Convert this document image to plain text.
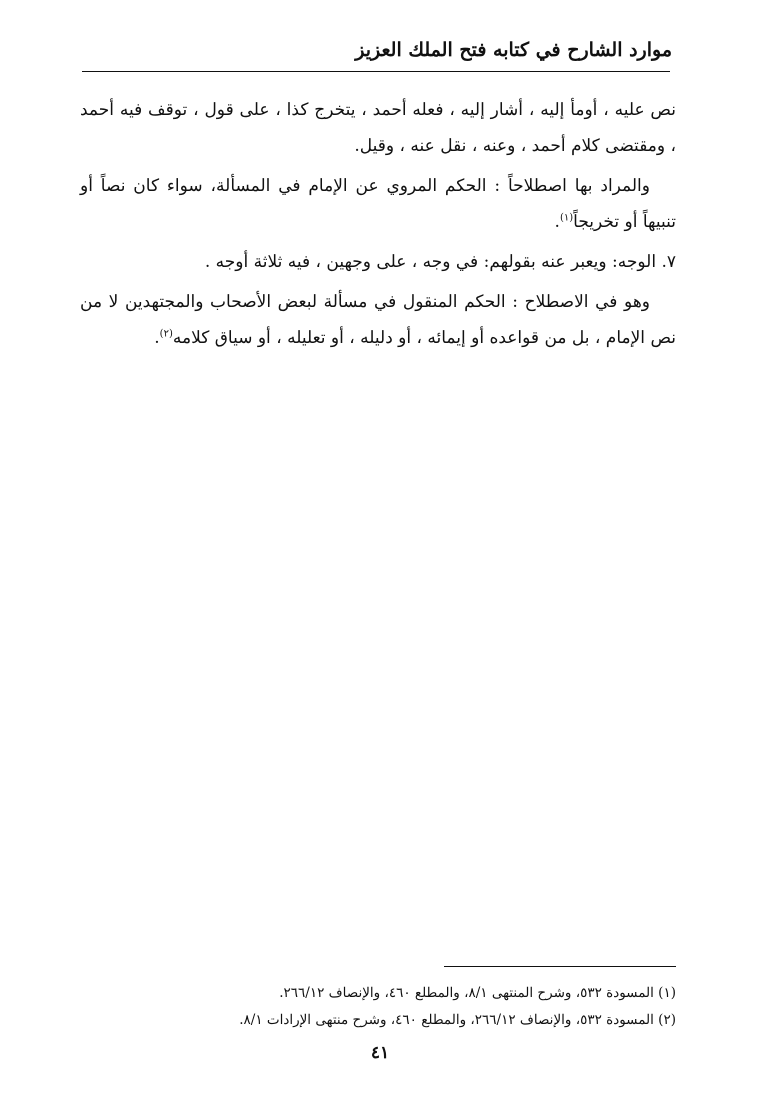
موارد الشارح في كتابه فتح الملك العزيز

نص عليه ، أومأ إليه ، أشار إليه ، فعله أحمد ، يتخرج كذا ، على قول ، توقف فيه أحمد ، ومقتضى كلام أحمد ، وعنه ، نقل عنه ، وقيل.

والمراد بها اصطلاحاً : الحكم المروي عن الإمام في المسألة، سواء كان نصاً أو تنبيهاً أو تخريجاً$^{(١)}$.

٧. الوجه: ويعبر عنه بقولهم: في وجه ، على وجهين ، فيه ثلاثة أوجه .

وهو في الاصطلاح : الحكم المنقول في مسألة لبعض الأصحاب والمجتهدين لا من نص الإمام ، بل من قواعده أو إيمائه ، أو دليله ، أو تعليله ، أو سياق كلامه$^{(٢)}$.

(١) المسودة ٥٣٢، وشرح المنتهى ٨/١، والمطلع ٤٦٠، والإنصاف ٢٦٦/١٢.

(٢) المسودة ٥٣٢، والإنصاف ٢٦٦/١٢، والمطلع ٤٦٠، وشرح منتهى الإرادات ٨/١.

٤١
